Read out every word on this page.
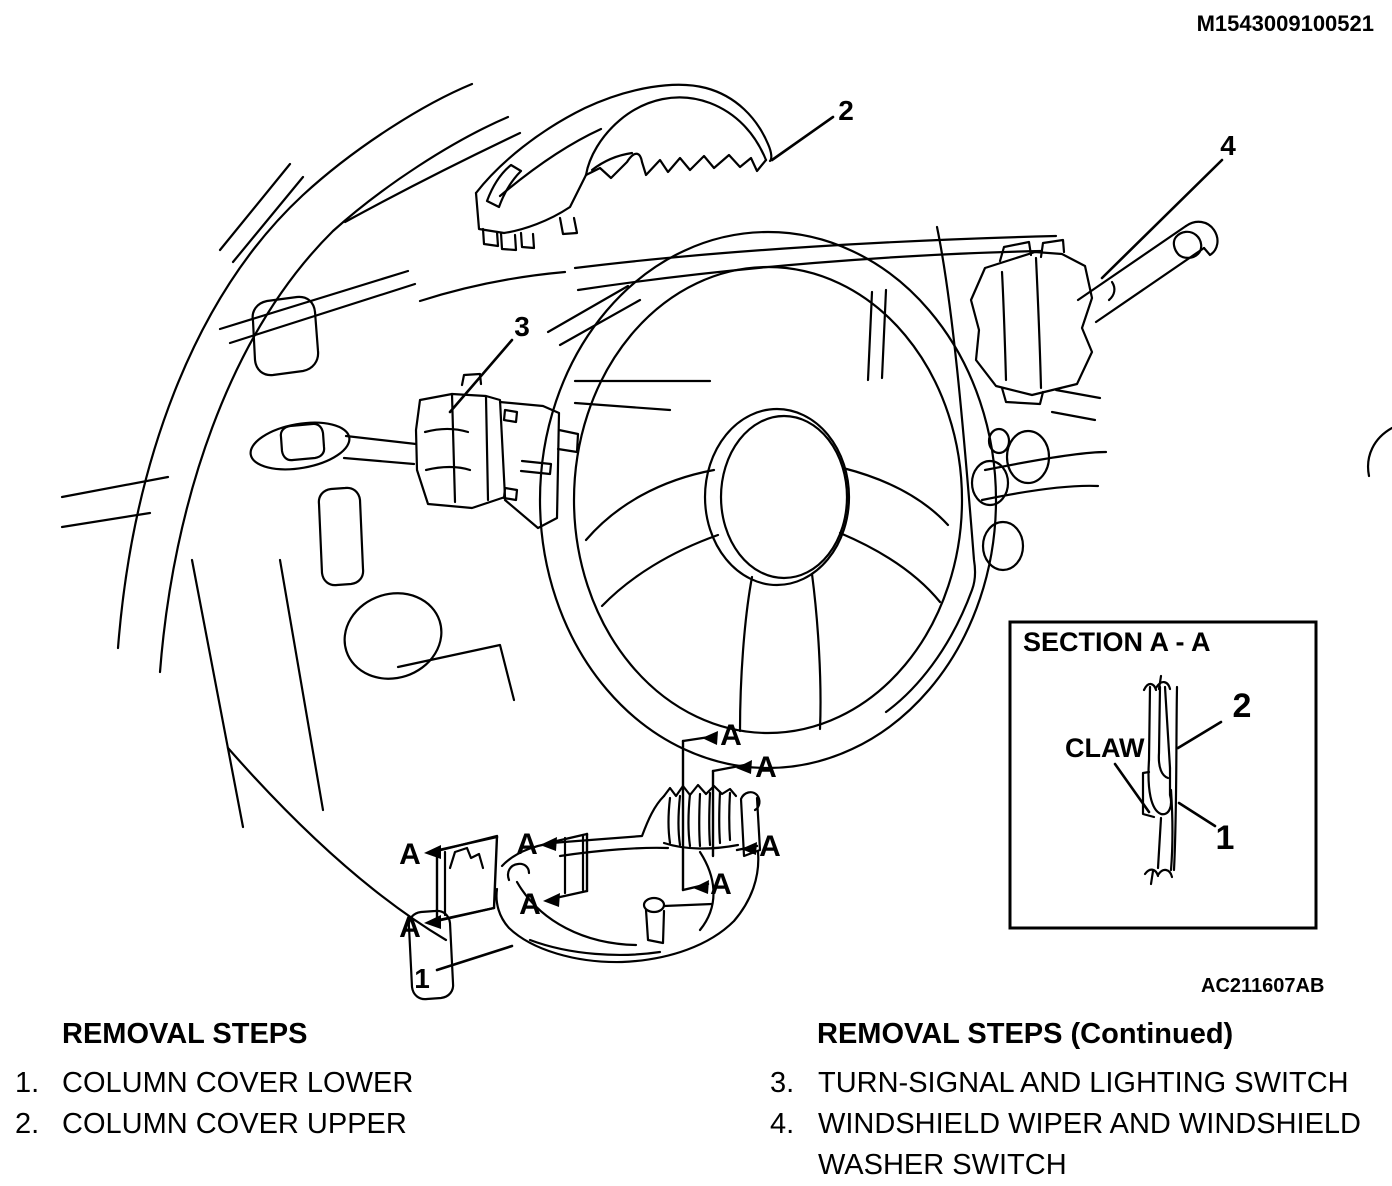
2
4
3
1
A
A
A
A
A	A
A
A
SECTION A - A
CLAW
2
1
M1543009100521
AC211607AB
REMOVAL STEPS
1. COLUMN COVER LOWER
2. COLUMN COVER UPPER
REMOVAL STEPS (Continued)
3. TURN-SIGNAL AND LIGHTING SWITCH
4. WINDSHIELD WIPER AND WINDSHIELD WASHER SWITCH
